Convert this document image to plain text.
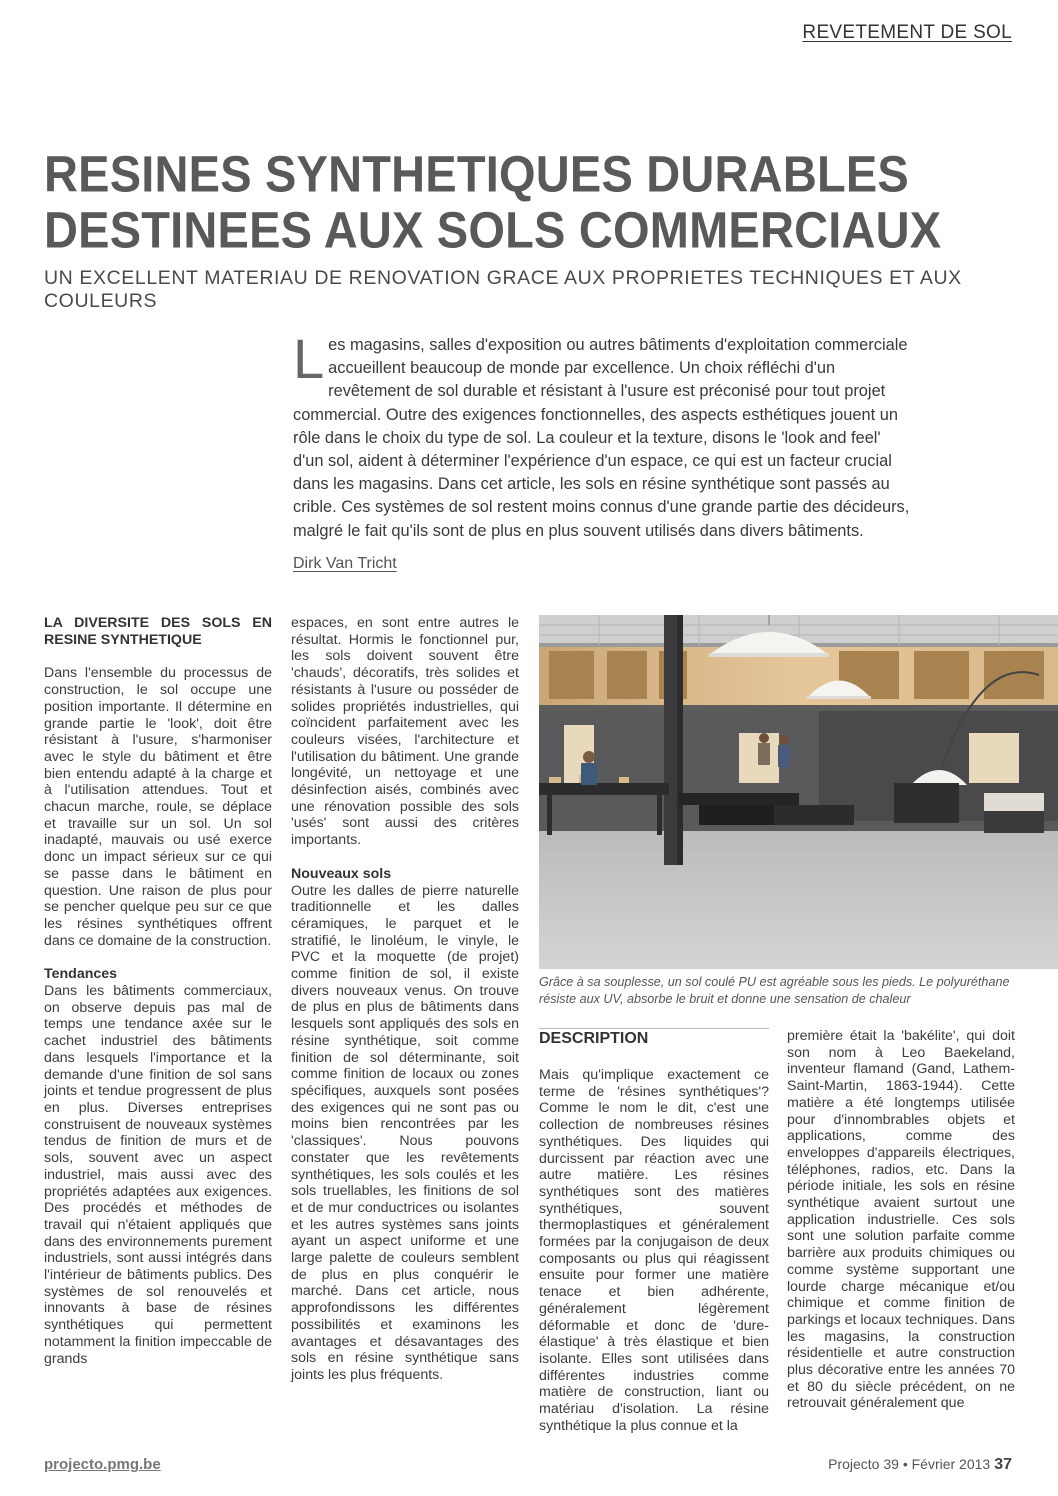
REVETEMENT DE SOL
RESINES SYNTHETIQUES DURABLES
DESTINEES AUX SOLS COMMERCIAUX
UN EXCELLENT MATERIAU DE RENOVATION GRACE AUX PROPRIETES TECHNIQUES ET AUX COULEURS
Les magasins, salles d'exposition ou autres bâtiments d'exploitation commerciale accueillent beaucoup de monde par excellence. Un choix réfléchi d'un revêtement de sol durable et résistant à l'usure est préconisé pour tout projet commercial. Outre des exigences fonctionnelles, des aspects esthétiques jouent un rôle dans le choix du type de sol. La couleur et la texture, disons le 'look and feel' d'un sol, aident à déterminer l'expérience d'un espace, ce qui est un facteur crucial dans les magasins. Dans cet article, les sols en résine synthétique sont passés au crible. Ces systèmes de sol restent moins connus d'une grande partie des décideurs, malgré le fait qu'ils sont de plus en plus souvent utilisés dans divers bâtiments.
Dirk Van Tricht
LA DIVERSITE DES SOLS EN RESINE SYNTHETIQUE

Dans l'ensemble du processus de construction, le sol occupe une position importante. Il détermine en grande partie le 'look', doit être résistant à l'usure, s'harmoniser avec le style du bâtiment et être bien entendu adapté à la charge et à l'utilisation attendues. Tout et chacun marche, roule, se déplace et travaille sur un sol. Un sol inadapté, mauvais ou usé exerce donc un impact sérieux sur ce qui se passe dans le bâtiment en question. Une raison de plus pour se pencher quelque peu sur ce que les résines synthétiques offrent dans ce domaine de la construction.

Tendances

Dans les bâtiments commerciaux, on observe depuis pas mal de temps une tendance axée sur le cachet industriel des bâtiments dans lesquels l'importance et la demande d'une finition de sol sans joints et tendue progressent de plus en plus. Diverses entreprises construisent de nouveaux systèmes tendus de finition de murs et de sols, souvent avec un aspect industriel, mais aussi avec des propriétés adaptées aux exigences. Des procédés et méthodes de travail qui n'étaient appliqués que dans des environnements purement industriels, sont aussi intégrés dans l'intérieur de bâtiments publics. Des systèmes de sol renouvelés et innovants à base de résines synthétiques qui permettent notamment la finition impeccable de grands

espaces, en sont entre autres le résultat. Hormis le fonctionnel pur, les sols doivent souvent être 'chauds', décoratifs, très solides et résistants à l'usure ou posséder de solides propriétés industrielles, qui coïncident parfaitement avec les couleurs visées, l'architecture et l'utilisation du bâtiment. Une grande longévité, un nettoyage et une désinfection aisés, combinés avec une rénovation possible des sols 'usés' sont aussi des critères importants.

Nouveaux sols

Outre les dalles de pierre naturelle traditionnelle et les dalles céramiques, le parquet et le stratifié, le linoléum, le vinyle, le PVC et la moquette (de projet) comme finition de sol, il existe divers nouveaux venus. On trouve de plus en plus de bâtiments dans lesquels sont appliqués des sols en résine synthétique, soit comme finition de sol déterminante, soit comme finition de locaux ou zones spécifiques, auxquels sont posées des exigences qui ne sont pas ou moins bien rencontrées par les 'classiques'. Nous pouvons constater que les revêtements synthétiques, les sols coulés et les sols truellables, les finitions de sol et de mur conductrices ou isolantes et les autres systèmes sans joints ayant un aspect uniforme et une large palette de couleurs semblent de plus en plus conquérir le marché. Dans cet article, nous approfondissons les différentes possibilités et examinons les avantages et désavantages des sols en résine synthétique sans joints les plus fréquents.

Grâce à sa souplesse, un sol coulé PU est agréable sous les pieds. Le polyuréthane résiste aux UV, absorbe le bruit et donne une sensation de chaleur
DESCRIPTION

Mais qu'implique exactement ce terme de 'résines synthétiques'? Comme le nom le dit, c'est une collection de nombreuses résines synthétiques. Des liquides qui durcissent par réaction avec une autre matière. Les résines synthétiques sont des matières synthétiques, souvent thermoplastiques et généralement formées par la conjugaison de deux composants ou plus qui réagissent ensuite pour former une matière tenace et bien adhérente, généralement légèrement déformable et donc de 'dure-élastique' à très élastique et bien isolante. Elles sont utilisées dans différentes industries comme matière de construction, liant ou matériau d'isolation. La résine synthétique la plus connue et la

première était la 'bakélite', qui doit son nom à Leo Baekeland, inventeur flamand (Gand, Lathem-Saint-Martin, 1863-1944). Cette matière a été longtemps utilisée pour d'innombrables objets et applications, comme des enveloppes d'appareils électriques, téléphones, radios, etc. Dans la période initiale, les sols en résine synthétique avaient surtout une application industrielle. Ces sols sont une solution parfaite comme barrière aux produits chimiques ou comme système supportant une lourde charge mécanique et/ou chimique et comme finition de parkings et locaux techniques. Dans les magasins, la construction résidentielle et autre construction plus décorative entre les années 70 et 80 du siècle précédent, on ne retrouvait généralement que

projecto.pmg.be	Projecto 39 • Février 2013 37
